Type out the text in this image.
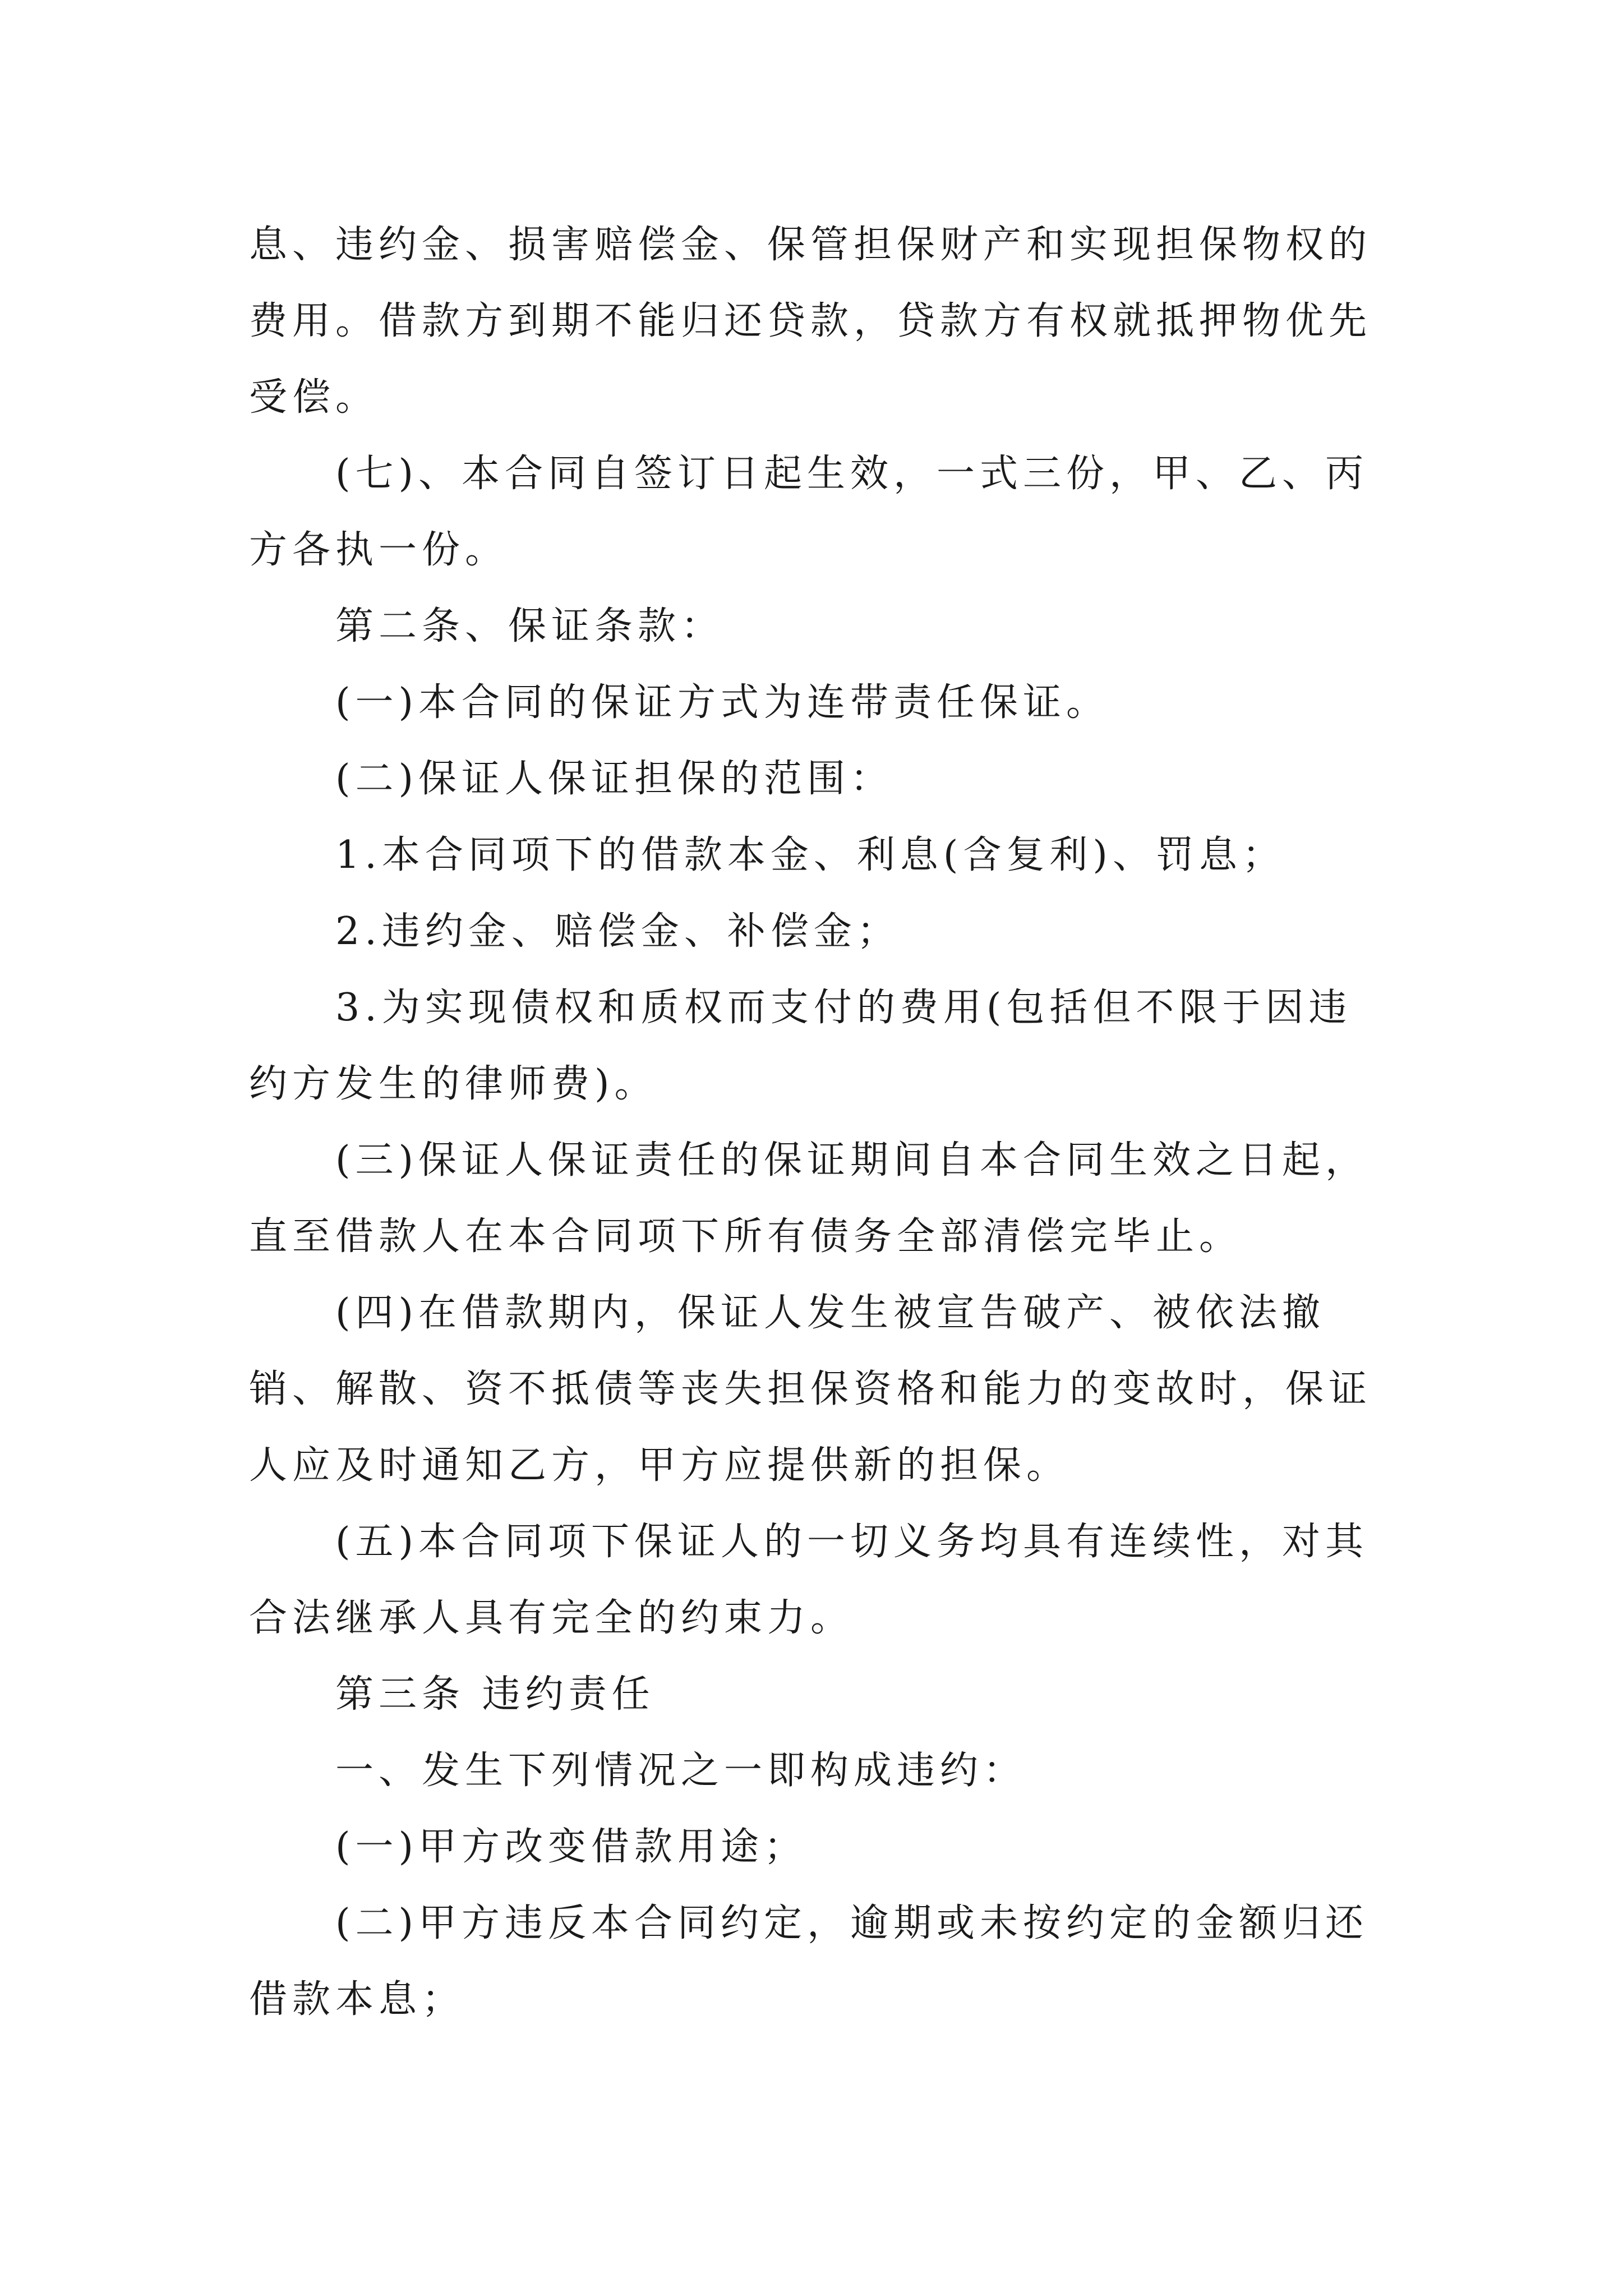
息、违约金、损害赔偿金、保管担保财产和实现担保物权的费用。借款方到期不能归还贷款，贷款方有权就抵押物优先受偿。

(七)、本合同自签订日起生效，一式三份，甲、乙、丙方各执一份。

第二条、保证条款：

(一)本合同的保证方式为连带责任保证。

(二)保证人保证担保的范围：

1.本合同项下的借款本金、利息(含复利)、罚息；

2.违约金、赔偿金、补偿金；

3.为实现债权和质权而支付的费用(包括但不限于因违约方发生的律师费)。

(三)保证人保证责任的保证期间自本合同生效之日起，直至借款人在本合同项下所有债务全部清偿完毕止。

(四)在借款期内，保证人发生被宣告破产、被依法撤销、解散、资不抵债等丧失担保资格和能力的变故时，保证人应及时通知乙方，甲方应提供新的担保。

(五)本合同项下保证人的一切义务均具有连续性，对其合法继承人具有完全的约束力。

第三条 违约责任

一、发生下列情况之一即构成违约：

(一)甲方改变借款用途；

(二)甲方违反本合同约定，逾期或未按约定的金额归还借款本息；
